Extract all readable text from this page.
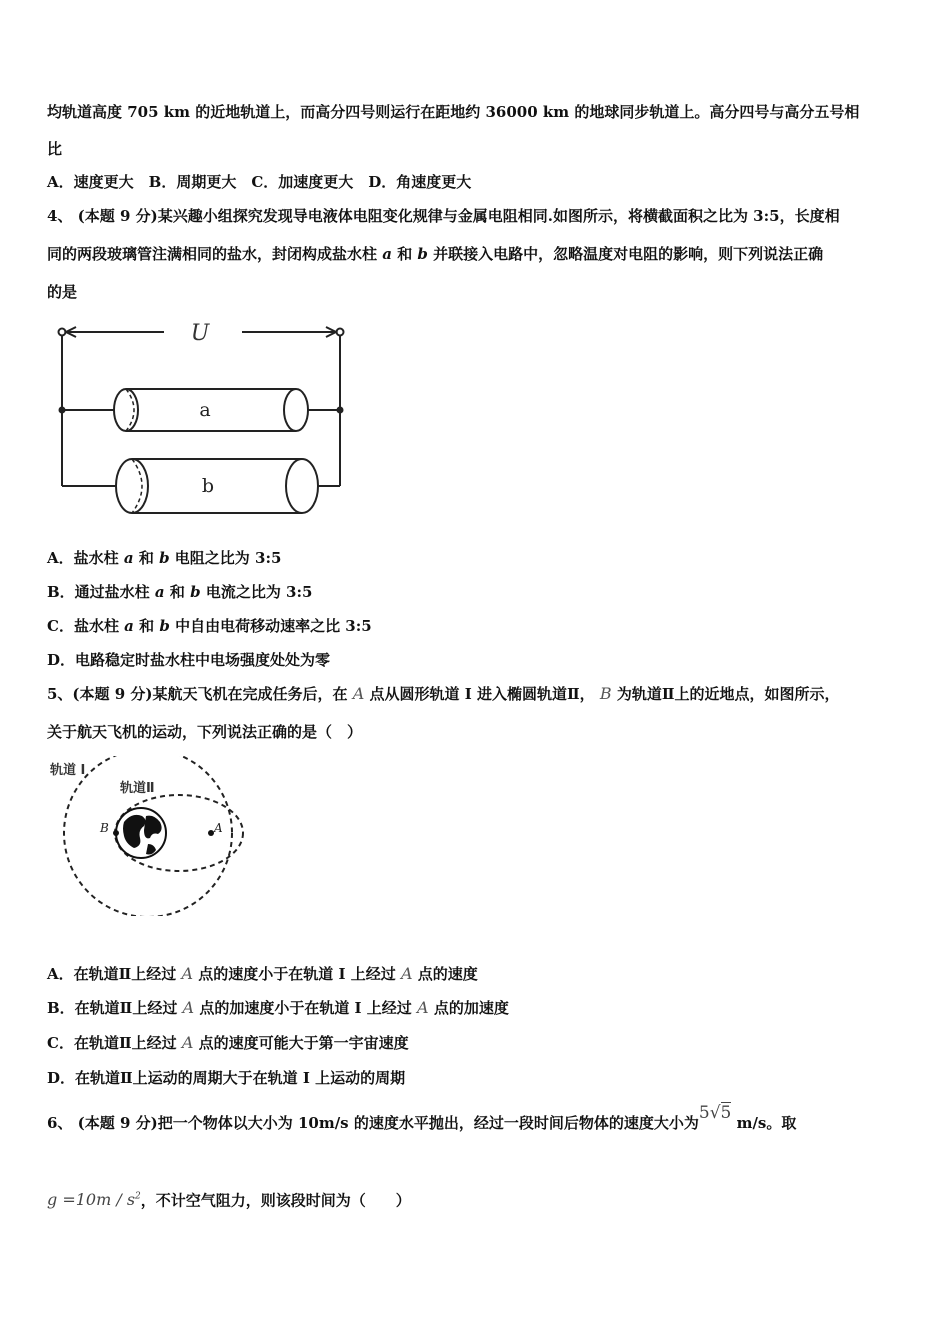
均轨道高度 705 km 的近地轨道上，而高分四号则运行在距地约 36000 km 的地球同步轨道上。高分四号与高分五号相
比
A．速度更大　B．周期更大　C．加速度更大　D．角速度更大
4、 (本题 9 分)某兴趣小组探究发现导电液体电阻变化规律与金属电阻相同.如图所示，将横截面积之比为 3:5，长度相
同的两段玻璃管注满相同的盐水，封闭构成盐水柱 a 和 b 并联接入电路中，忽略温度对电阻的影响，则下列说法正确
的是
U
a
b
A．盐水柱 a 和 b 电阻之比为 3:5
B．通过盐水柱 a 和 b 电流之比为 3:5
C．盐水柱 a 和 b 中自由电荷移动速率之比 3:5
D．电路稳定时盐水柱中电场强度处处为零
5、(本题 9 分)某航天飞机在完成任务后，在 A 点从圆形轨道 I 进入椭圆轨道Ⅱ， B 为轨道Ⅱ上的近地点，如图所示，
关于航天飞机的运动，下列说法正确的是（　）
轨道 I
轨道Ⅱ
B	A
A．在轨道Ⅱ上经过 A 点的速度小于在轨道 I 上经过 A 点的速度
B．在轨道Ⅱ上经过 A 点的加速度小于在轨道 I 上经过 A 点的加速度
C．在轨道Ⅱ上经过 A 点的速度可能大于第一宇宙速度
D．在轨道Ⅱ上运动的周期大于在轨道 I 上运动的周期
6、 (本题 9 分)把一个物体以大小为 10m/s 的速度水平抛出，经过一段时间后物体的速度大小为5√5 m/s。取
$g =10m / s^2$，不计空气阻力，则该段时间为（　　）
